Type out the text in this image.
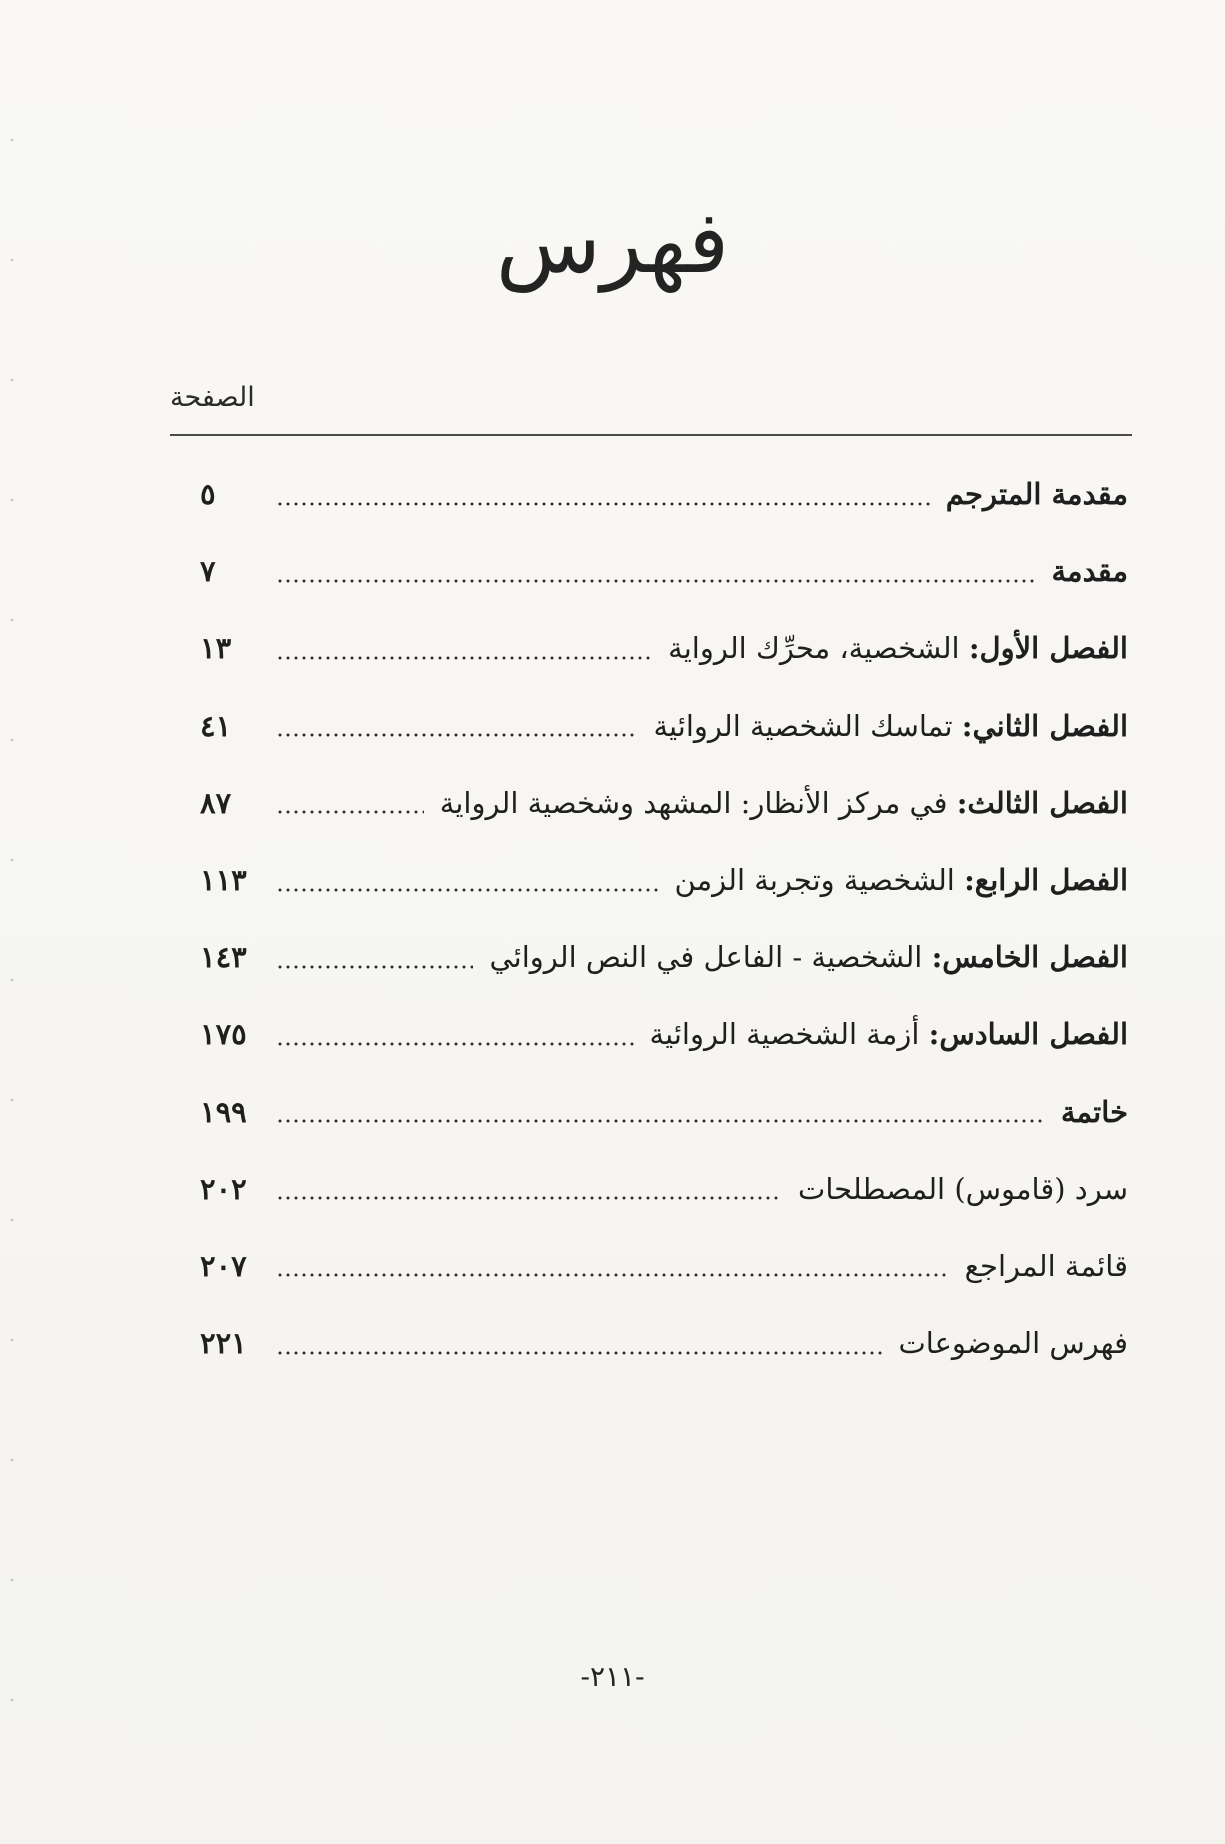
فهرس
الصفحة
مقدمة المترجم
٥
مقدمة
٧
الفصل الأول: الشخصية، محرِّك الرواية
١٣
الفصل الثاني: تماسك الشخصية الروائية
٤١
الفصل الثالث: في مركز الأنظار: المشهد وشخصية الرواية
٨٧
الفصل الرابع: الشخصية وتجربة الزمن
١١٣
الفصل الخامس: الشخصية - الفاعل في النص الروائي
١٤٣
الفصل السادس: أزمة الشخصية الروائية
١٧٥
خاتمة
١٩٩
سرد (قاموس) المصطلحات
٢٠٢
قائمة المراجع
٢٠٧
فهرس الموضوعات
٢٢١
-٢١١-
